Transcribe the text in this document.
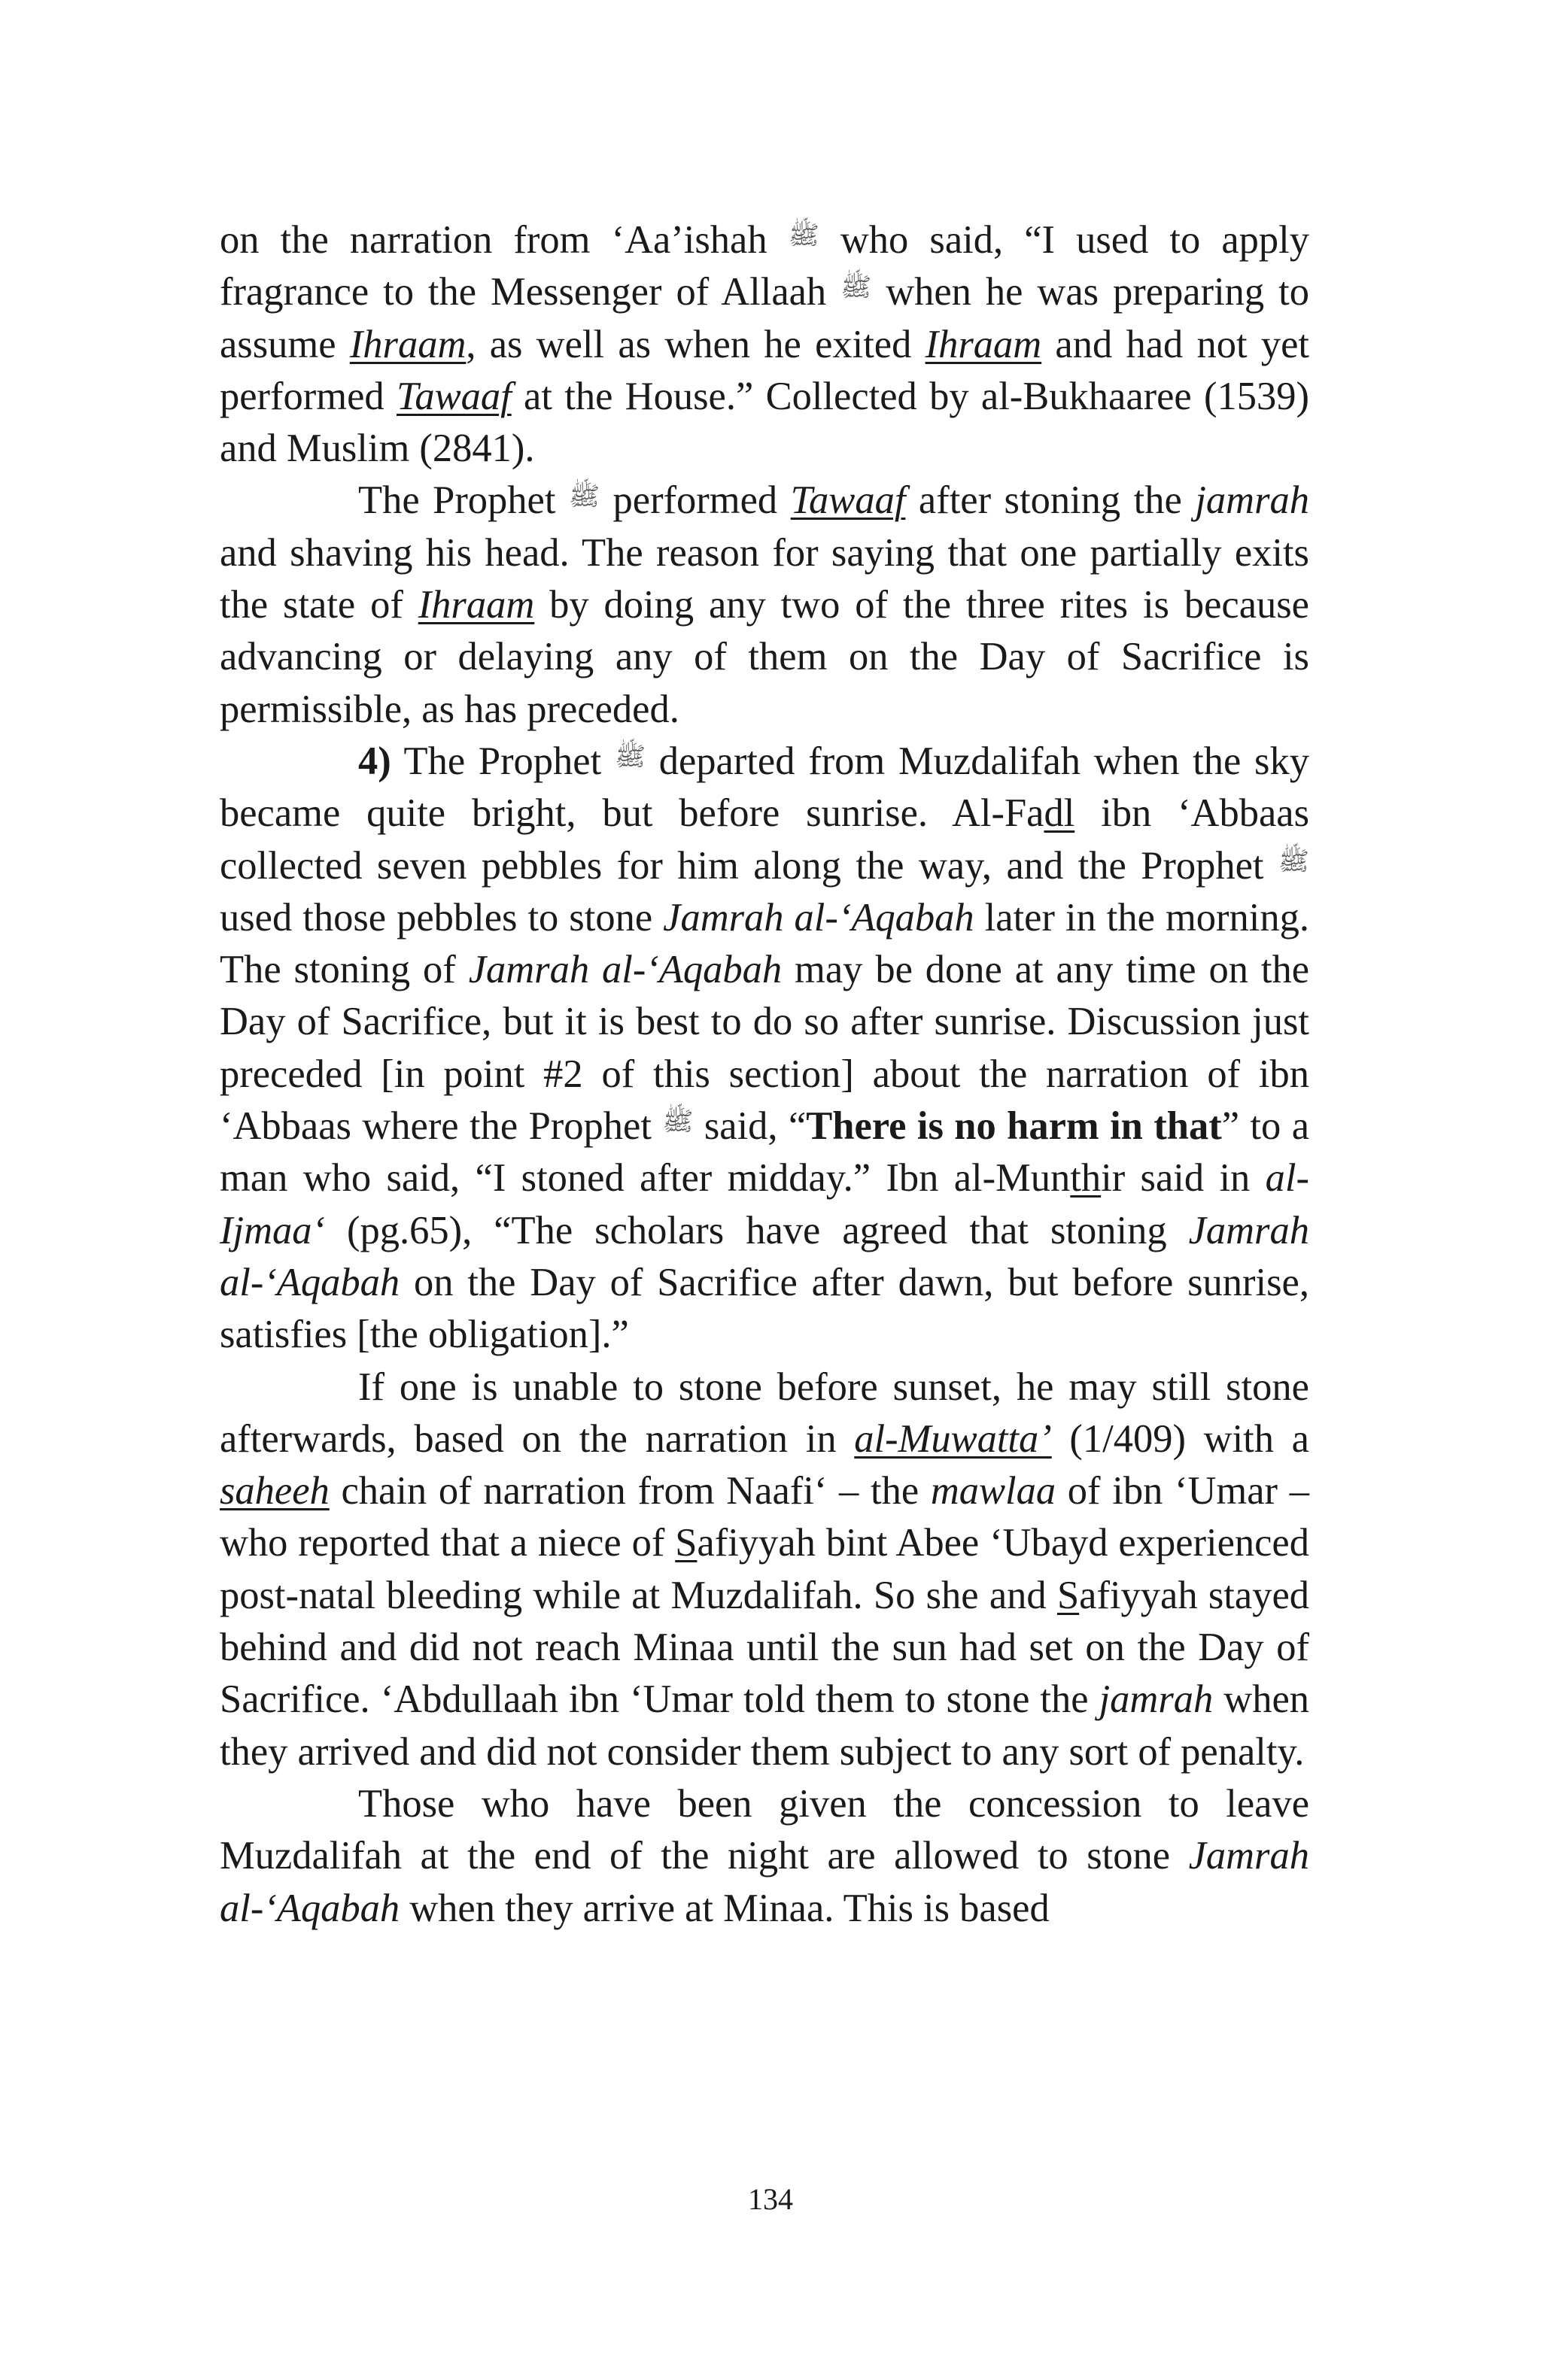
on the narration from ‘Aa’ishah ﷺ who said, “I used to apply fragrance to the Messenger of Allaah ﷺ when he was preparing to assume Ihraam, as well as when he exited Ihraam and had not yet performed Tawaaf at the House.” Collected by al-Bukhaaree (1539) and Muslim (2841).

The Prophet ﷺ performed Tawaaf after stoning the jamrah and shaving his head. The reason for saying that one partially exits the state of Ihraam by doing any two of the three rites is because advancing or delaying any of them on the Day of Sacrifice is permissible, as has preceded.

4) The Prophet ﷺ departed from Muzdalifah when the sky became quite bright, but before sunrise. Al-Fadl ibn ‘Abbaas collected seven pebbles for him along the way, and the Prophet ﷺ used those pebbles to stone Jamrah al-‘Aqabah later in the morning. The stoning of Jamrah al-‘Aqabah may be done at any time on the Day of Sacrifice, but it is best to do so after sunrise. Discussion just preceded [in point #2 of this section] about the narration of ibn ‘Abbaas where the Prophet ﷺ said, “There is no harm in that” to a man who said, “I stoned after midday.” Ibn al-Munthir said in al-Ijmaa‘ (pg.65), “The scholars have agreed that stoning Jamrah al-‘Aqabah on the Day of Sacrifice after dawn, but before sunrise, satisfies [the obligation].”

If one is unable to stone before sunset, he may still stone afterwards, based on the narration in al-Muwatta’ (1/409) with a saheeh chain of narration from Naafi‘ – the mawlaa of ibn ‘Umar – who reported that a niece of Safiyyah bint Abee ‘Ubayd experienced post-natal bleeding while at Muzdalifah. So she and Safiyyah stayed behind and did not reach Minaa until the sun had set on the Day of Sacrifice. ‘Abdullaah ibn ‘Umar told them to stone the jamrah when they arrived and did not consider them subject to any sort of penalty.

Those who have been given the concession to leave Muzdalifah at the end of the night are allowed to stone Jamrah al-‘Aqabah when they arrive at Minaa. This is based

134
